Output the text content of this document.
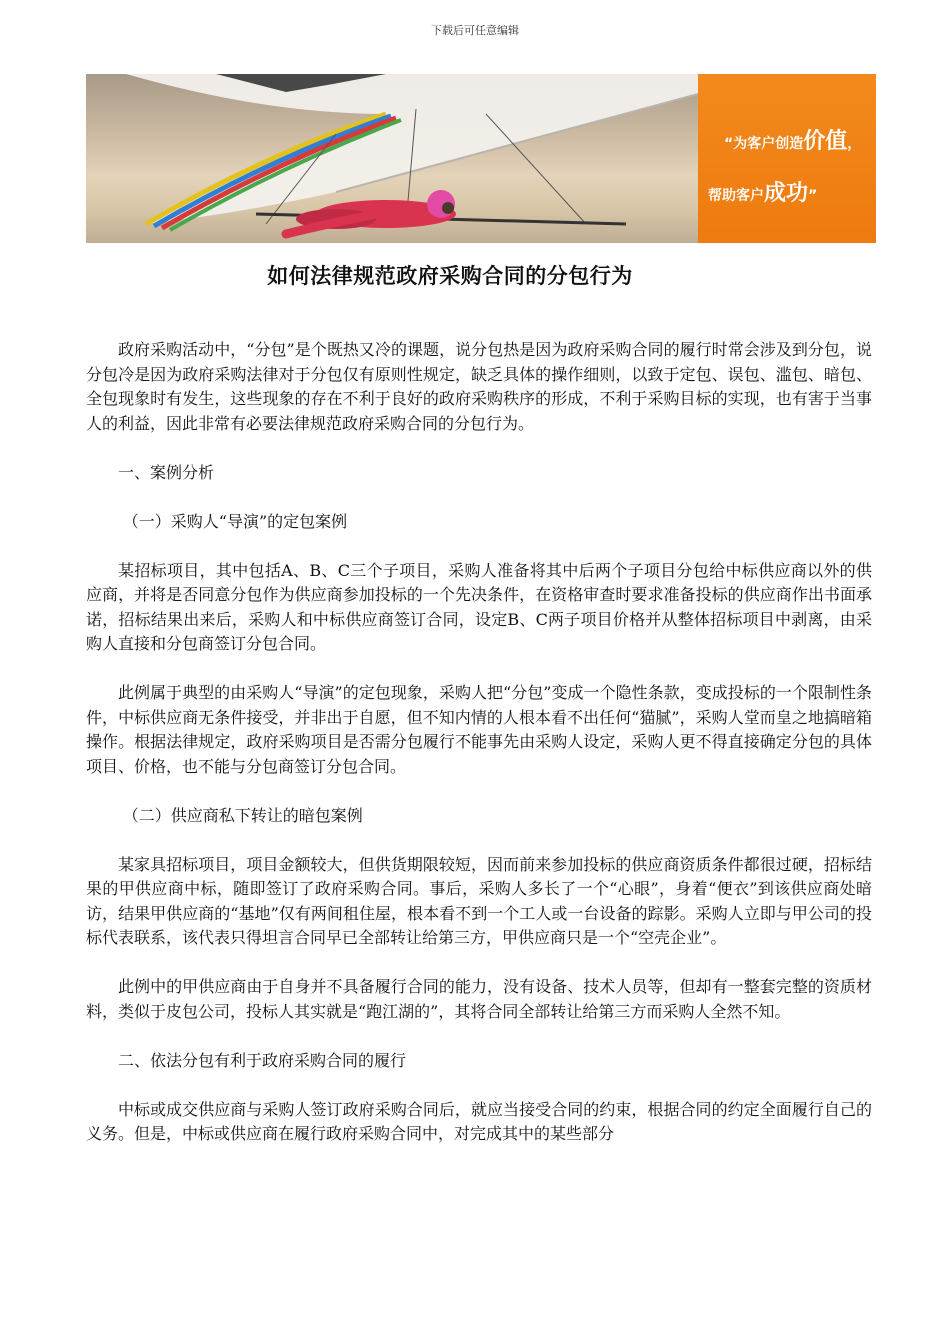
下载后可任意编辑
“为客户创造价值，
帮助客户成功”
如何法律规范政府采购合同的分包行为

政府采购活动中，“分包”是个既热又冷的课题，说分包热是因为政府采购合同的履行时常会涉及到分包，说分包冷是因为政府采购法律对于分包仅有原则性规定，缺乏具体的操作细则，以致于定包、误包、滥包、暗包、全包现象时有发生，这些现象的存在不利于良好的政府采购秩序的形成，不利于采购目标的实现，也有害于当事人的利益，因此非常有必要法律规范政府采购合同的分包行为。

一、案例分析

（一）采购人“导演”的定包案例

某招标项目，其中包括A、B、C三个子项目，采购人准备将其中后两个子项目分包给中标供应商以外的供应商，并将是否同意分包作为供应商参加投标的一个先决条件，在资格审查时要求准备投标的供应商作出书面承诺，招标结果出来后，采购人和中标供应商签订合同，设定B、C两子项目价格并从整体招标项目中剥离，由采购人直接和分包商签订分包合同。

此例属于典型的由采购人“导演”的定包现象，采购人把“分包”变成一个隐性条款，变成投标的一个限制性条件，中标供应商无条件接受，并非出于自愿，但不知内情的人根本看不出任何“猫腻”，采购人堂而皇之地搞暗箱操作。根据法律规定，政府采购项目是否需分包履行不能事先由采购人设定，采购人更不得直接确定分包的具体项目、价格，也不能与分包商签订分包合同。

（二）供应商私下转让的暗包案例

某家具招标项目，项目金额较大，但供货期限较短，因而前来参加投标的供应商资质条件都很过硬，招标结果的甲供应商中标，随即签订了政府采购合同。事后，采购人多长了一个“心眼”，身着“便衣”到该供应商处暗访，结果甲供应商的“基地”仅有两间租住屋，根本看不到一个工人或一台设备的踪影。采购人立即与甲公司的投标代表联系，该代表只得坦言合同早已全部转让给第三方，甲供应商只是一个“空壳企业”。

此例中的甲供应商由于自身并不具备履行合同的能力，没有设备、技术人员等，但却有一整套完整的资质材料，类似于皮包公司，投标人其实就是“跑江湖的”，其将合同全部转让给第三方而采购人全然不知。

二、依法分包有利于政府采购合同的履行

中标或成交供应商与采购人签订政府采购合同后，就应当接受合同的约束，根据合同的约定全面履行自己的义务。但是，中标或供应商在履行政府采购合同中，对完成其中的某些部分
